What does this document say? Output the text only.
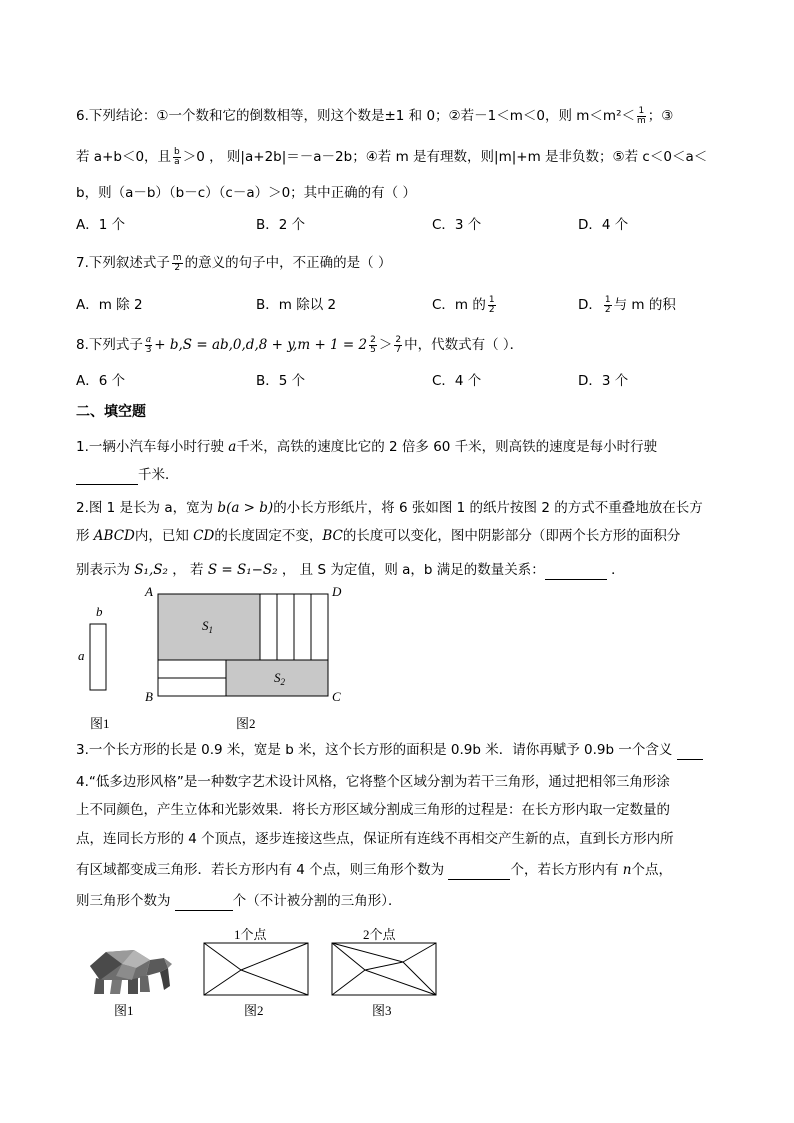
6.下列结论：①一个数和它的倒数相等，则这个数是±1 和 0；②若－1＜m＜0，则 $m<m^2< \frac{1}{m}$ ；③
若 a+b＜0，且 $\frac{b}{a} >0$ ， 则|a+2b|＝－a－2b；④若 m 是有理数，则|m|+m 是非负数；⑤若 c＜0＜a＜
b，则（a－b）（b－c）（c－a）＞0；其中正确的有（ ）
A．1 个	B．2 个	C．3 个	D．4 个
7.下列叙述式子 $\frac{m}{2}$ 的意义的句子中，不正确的是（ ）
A．m 除 2	B．m 除以 2	C．m 的 $\frac{1}{2}$	D． $\frac{1}{2}$ 与 m 的积
8.下列式子 $\frac{a}{3} + b,S = ab,0,d,8 + y,m + 1 = 2 \frac{2}{5} > \frac{2}{7}$ 中，代数式有（ ）．
A．6 个	B．5 个	C．4 个	D．3 个
二、填空题
1.一辆小汽车每小时行驶 a千米，高铁的速度比它的 2 倍多 60 千米，则高铁的速度是每小时行驶
千米．
2.图 1 是长为 a，宽为 b(a > b)的小长方形纸片，将 6 张如图 1 的纸片按图 2 的方式不重叠地放在长方
形 ABCD内，已知 CD的长度固定不变，BC的长度可以变化，图中阴影部分（即两个长方形的面积分
别表示为 S₁,S₂ ， 若 S = S₁−S₂ ， 且 S 为定值，则 a，b 满足的数量关系：	．
b
a
图1
A	D
B	C
$S_1$
$S_2$
图2
3.一个长方形的长是 0.9 米，宽是 b 米，这个长方形的面积是 0.9b 米．请你再赋予 0.9b 一个含义
4.“低多边形风格”是一种数字艺术设计风格，它将整个区域分割为若干三角形，通过把相邻三角形涂
上不同颜色，产生立体和光影效果．将长方形区域分割成三角形的过程是：在长方形内取一定数量的
点，连同长方形的 4 个顶点，逐步连接这些点，保证所有连线不再相交产生新的点，直到长方形内所
有区域都变成三角形．若长方形内有 4 个点，则三角形个数为	个，若长方形内有 n个点，
则三角形个数为	个（不计被分割的三角形）．
图1
1个点
图2
2个点
图3
